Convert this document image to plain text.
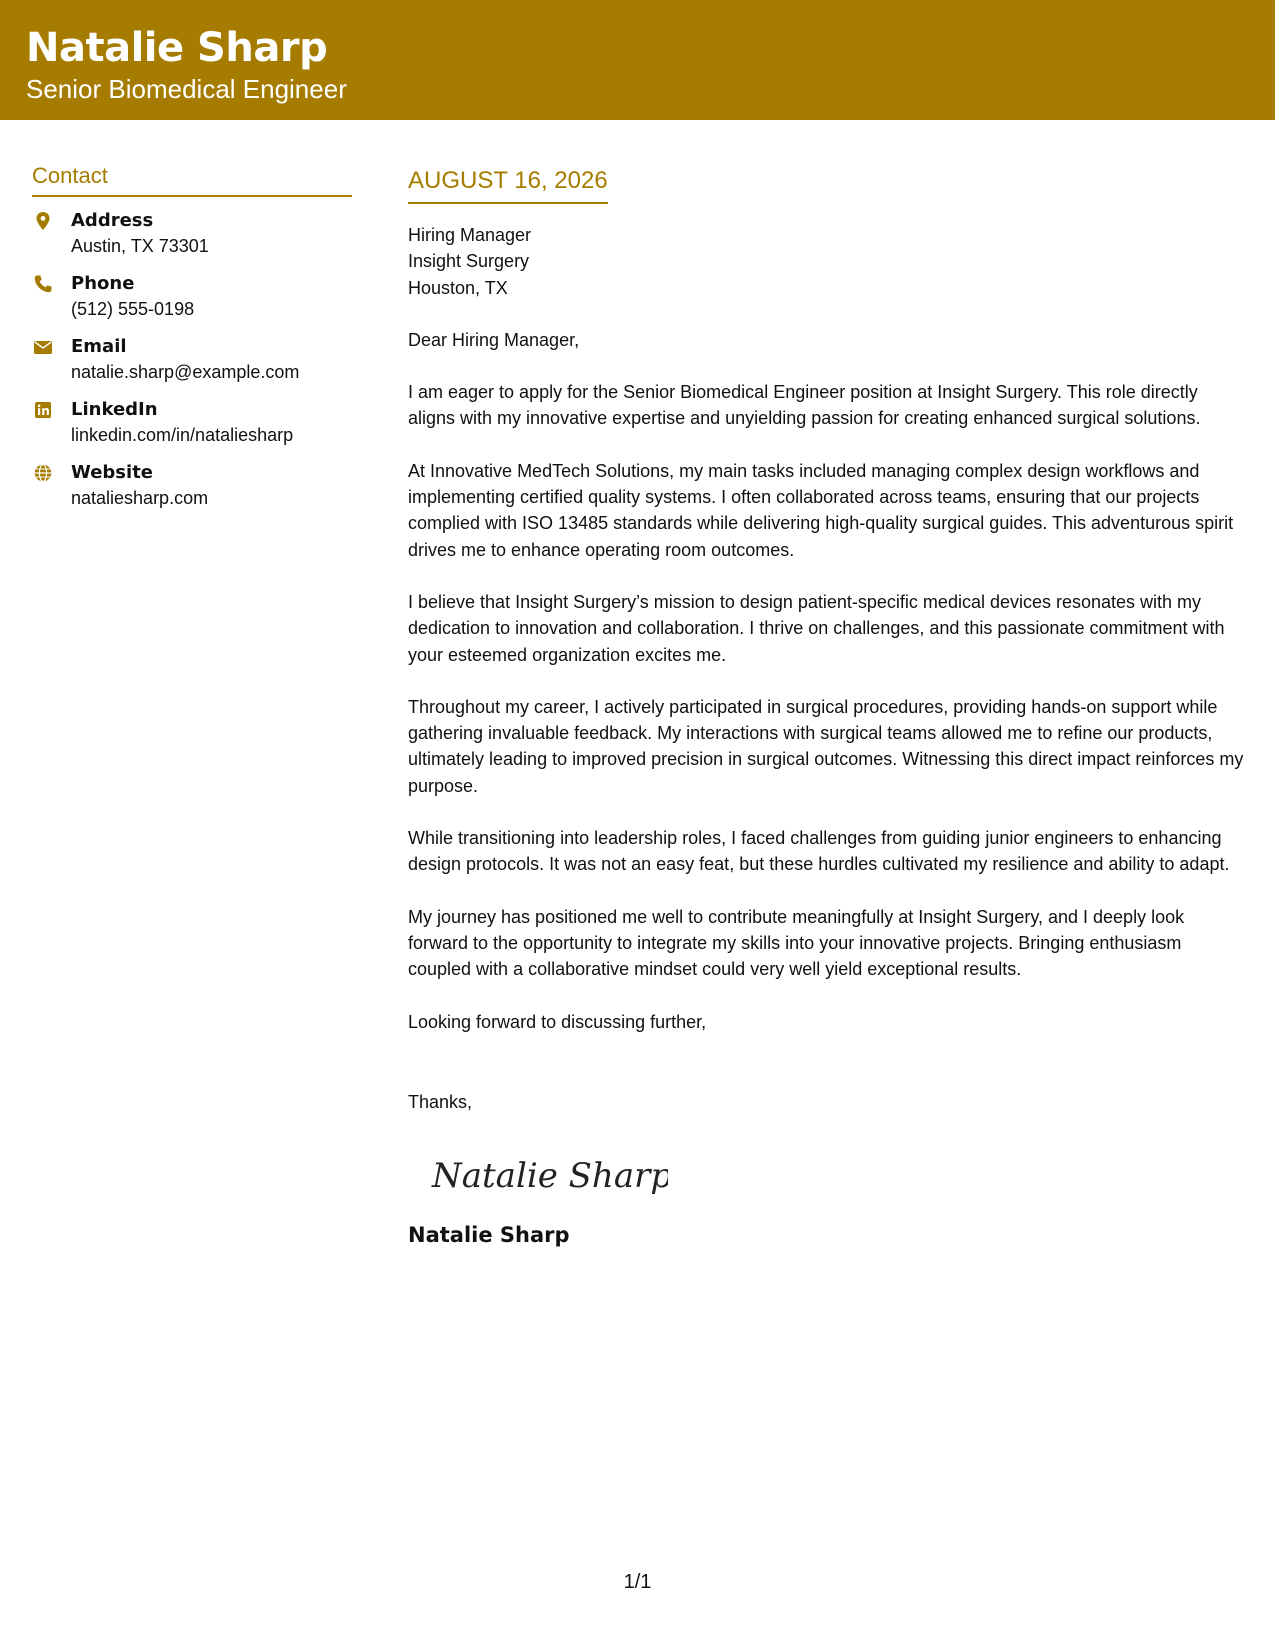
Natalie Sharp
Senior Biomedical Engineer
Contact
Address
Austin, TX 73301
Phone
(512) 555-0198
Email
natalie.sharp@example.com
LinkedIn
linkedin.com/in/nataliesharp
Website
nataliesharp.com
AUGUST 16, 2026

Hiring Manager

Insight Surgery

Houston, TX

Dear Hiring Manager,

I am eager to apply for the Senior Biomedical Engineer position at Insight Surgery. This role directly aligns with my innovative expertise and unyielding passion for creating enhanced surgical solutions.

At Innovative MedTech Solutions, my main tasks included managing complex design workflows and implementing certified quality systems. I often collaborated across teams, ensuring that our projects complied with ISO 13485 standards while delivering high-quality surgical guides. This adventurous spirit drives me to enhance operating room outcomes.

I believe that Insight Surgery’s mission to design patient-specific medical devices resonates with my dedication to innovation and collaboration. I thrive on challenges, and this passionate commitment with your esteemed organization excites me.

Throughout my career, I actively participated in surgical procedures, providing hands-on support while gathering invaluable feedback. My interactions with surgical teams allowed me to refine our products, ultimately leading to improved precision in surgical outcomes. Witnessing this direct impact reinforces my purpose.

While transitioning into leadership roles, I faced challenges from guiding junior engineers to enhancing design protocols. It was not an easy feat, but these hurdles cultivated my resilience and ability to adapt.

My journey has positioned me well to contribute meaningfully at Insight Surgery, and I deeply look forward to the opportunity to integrate my skills into your innovative projects. Bringing enthusiasm coupled with a collaborative mindset could very well yield exceptional results.

Looking forward to discussing further,

Thanks,

Natalie Sharp
Natalie Sharp
1/1
